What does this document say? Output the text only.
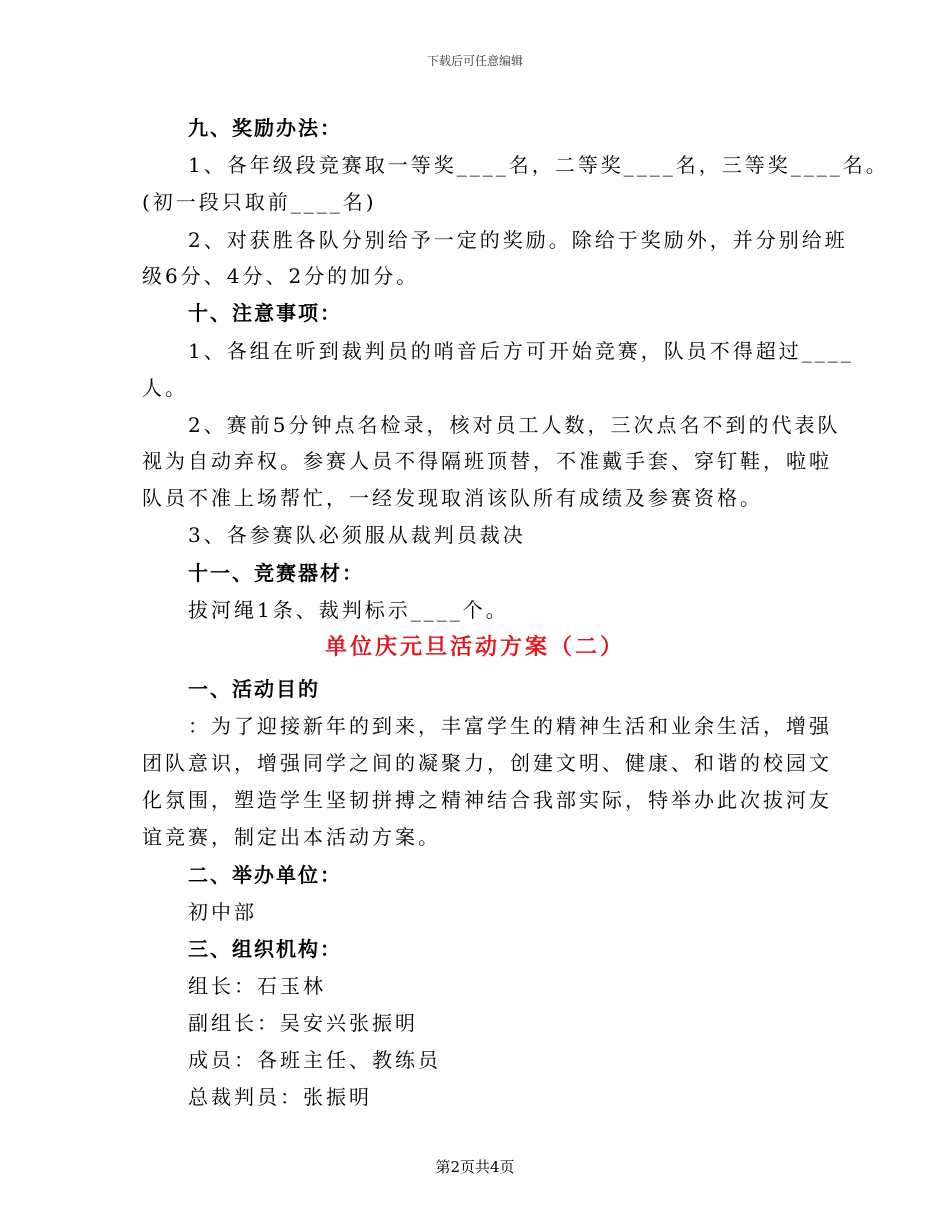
下载后可任意编辑
九、奖励办法：
1、各年级段竞赛取一等奖____名，二等奖____名，三等奖____名。
(初一段只取前____名)
2、对获胜各队分别给予一定的奖励。除给于奖励外，并分别给班
级6分、4分、2分的加分。
十、注意事项：
1、各组在听到裁判员的哨音后方可开始竞赛，队员不得超过____
人。
2、赛前5分钟点名检录，核对员工人数，三次点名不到的代表队
视为自动弃权。参赛人员不得隔班顶替，不准戴手套、穿钉鞋，啦啦
队员不准上场帮忙，一经发现取消该队所有成绩及参赛资格。
3、各参赛队必须服从裁判员裁决
十一、竞赛器材：
拔河绳1条、裁判标示____个。
单位庆元旦活动方案（二）
一、活动目的
：为了迎接新年的到来，丰富学生的精神生活和业余生活，增强
团队意识，增强同学之间的凝聚力，创建文明、健康、和谐的校园文
化氛围，塑造学生坚韧拼搏之精神结合我部实际，特举办此次拔河友
谊竞赛，制定出本活动方案。
二、举办单位：
初中部
三、组织机构：
组长：石玉林
副组长：吴安兴张振明
成员：各班主任、教练员
总裁判员：张振明
第2页共4页
